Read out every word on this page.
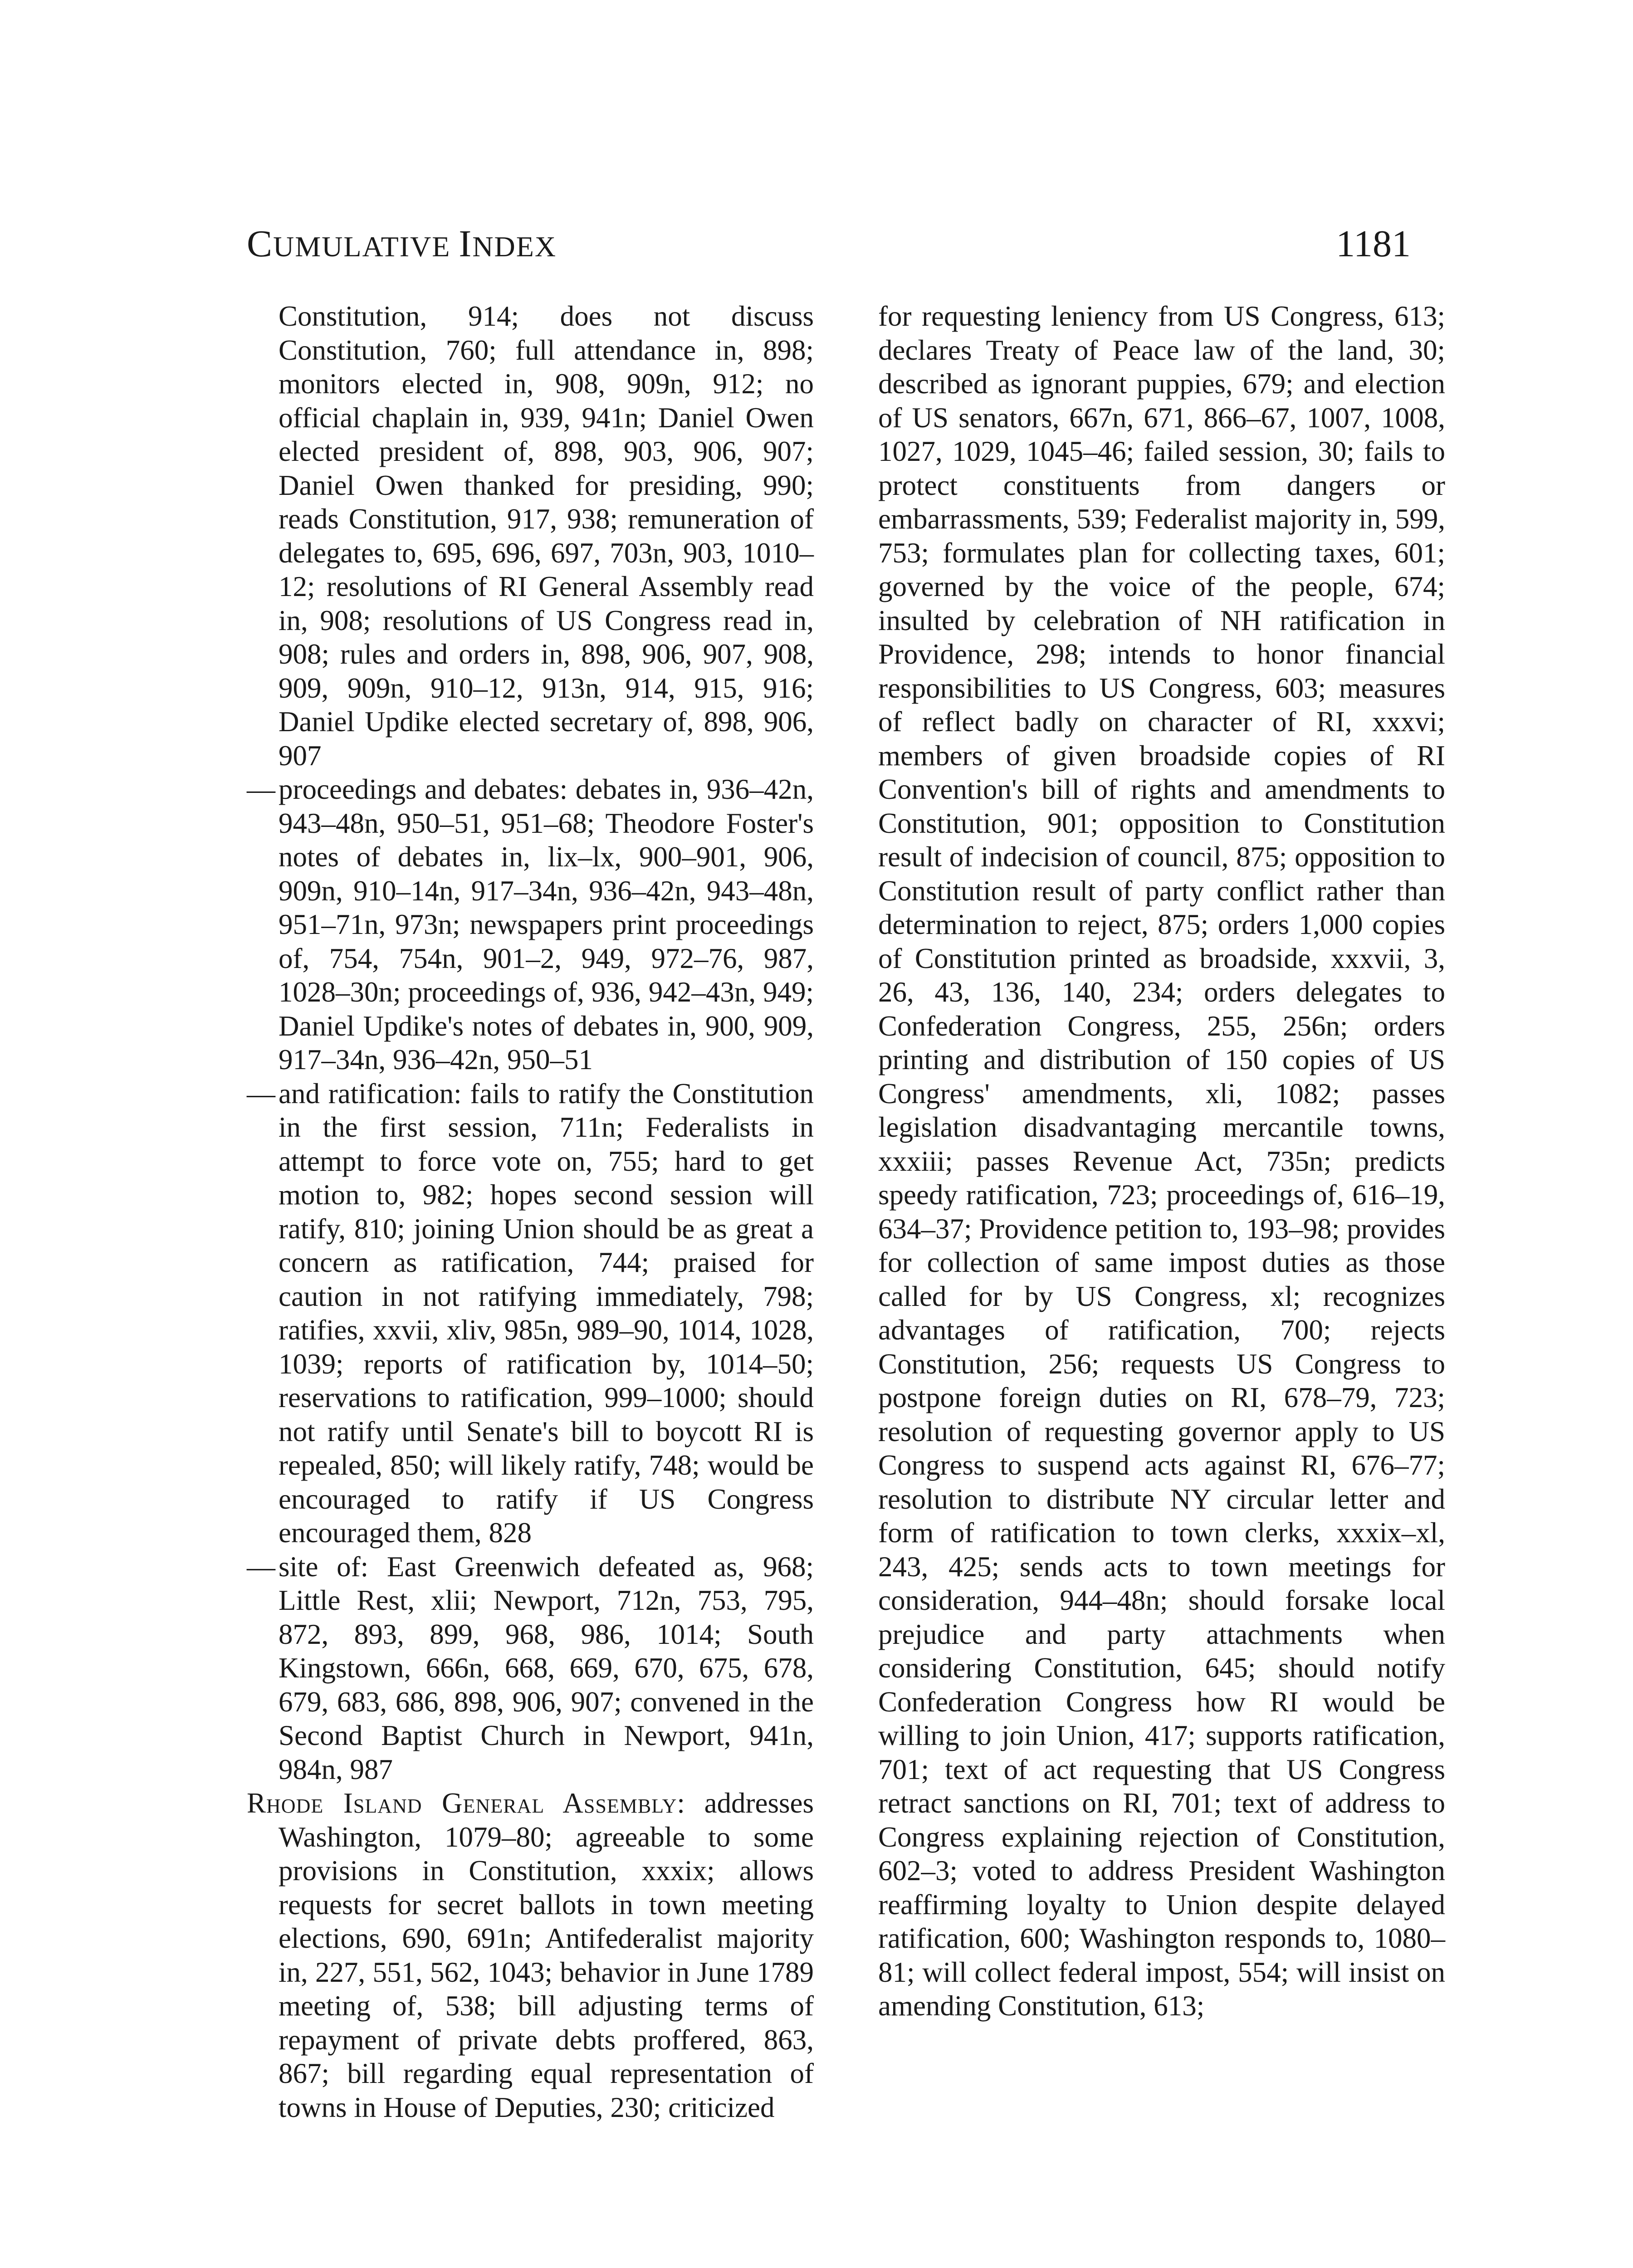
CUMULATIVE INDEX	1181

Constitution, 914; does not discuss Constitution, 760; full attendance in, 898; monitors elected in, 908, 909n, 912; no official chaplain in, 939, 941n; Daniel Owen elected president of, 898, 903, 906, 907; Daniel Owen thanked for presiding, 990; reads Constitution, 917, 938; remuneration of delegates to, 695, 696, 697, 703n, 903, 1010–12; resolutions of RI General Assembly read in, 908; resolutions of US Congress read in, 908; rules and orders in, 898, 906, 907, 908, 909, 909n, 910–12, 913n, 914, 915, 916; Daniel Updike elected secretary of, 898, 906, 907

— proceedings and debates: debates in, 936–42n, 943–48n, 950–51, 951–68; Theodore Foster's notes of debates in, lix–lx, 900–901, 906, 909n, 910–14n, 917–34n, 936–42n, 943–48n, 951–71n, 973n; newspapers print proceedings of, 754, 754n, 901–2, 949, 972–76, 987, 1028–30n; proceedings of, 936, 942–43n, 949; Daniel Updike's notes of debates in, 900, 909, 917–34n, 936–42n, 950–51

— and ratification: fails to ratify the Constitution in the first session, 711n; Federalists in attempt to force vote on, 755; hard to get motion to, 982; hopes second session will ratify, 810; joining Union should be as great a concern as ratification, 744; praised for caution in not ratifying immediately, 798; ratifies, xxvii, xliv, 985n, 989–90, 1014, 1028, 1039; reports of ratification by, 1014–50; reservations to ratification, 999–1000; should not ratify until Senate's bill to boycott RI is repealed, 850; will likely ratify, 748; would be encouraged to ratify if US Congress encouraged them, 828

— site of: East Greenwich defeated as, 968; Little Rest, xlii; Newport, 712n, 753, 795, 872, 893, 899, 968, 986, 1014; South Kingstown, 666n, 668, 669, 670, 675, 678, 679, 683, 686, 898, 906, 907; convened in the Second Baptist Church in Newport, 941n, 984n, 987

Rhode Island General Assembly: addresses Washington, 1079–80; agreeable to some provisions in Constitution, xxxix; allows requests for secret ballots in town meeting elections, 690, 691n; Antifederalist majority in, 227, 551, 562, 1043; behavior in June 1789 meeting of, 538; bill adjusting terms of repayment of private debts proffered, 863, 867; bill regarding equal representation of towns in House of Deputies, 230; criticized

for requesting leniency from US Congress, 613; declares Treaty of Peace law of the land, 30; described as ignorant puppies, 679; and election of US senators, 667n, 671, 866–67, 1007, 1008, 1027, 1029, 1045–46; failed session, 30; fails to protect constituents from dangers or embarrassments, 539; Federalist majority in, 599, 753; formulates plan for collecting taxes, 601; governed by the voice of the people, 674; insulted by celebration of NH ratification in Providence, 298; intends to honor financial responsibilities to US Congress, 603; measures of reflect badly on character of RI, xxxvi; members of given broadside copies of RI Convention's bill of rights and amendments to Constitution, 901; opposition to Constitution result of indecision of council, 875; opposition to Constitution result of party conflict rather than determination to reject, 875; orders 1,000 copies of Constitution printed as broadside, xxxvii, 3, 26, 43, 136, 140, 234; orders delegates to Confederation Congress, 255, 256n; orders printing and distribution of 150 copies of US Congress' amendments, xli, 1082; passes legislation disadvantaging mercantile towns, xxxiii; passes Revenue Act, 735n; predicts speedy ratification, 723; proceedings of, 616–19, 634–37; Providence petition to, 193–98; provides for collection of same impost duties as those called for by US Congress, xl; recognizes advantages of ratification, 700; rejects Constitution, 256; requests US Congress to postpone foreign duties on RI, 678–79, 723; resolution of requesting governor apply to US Congress to suspend acts against RI, 676–77; resolution to distribute NY circular letter and form of ratification to town clerks, xxxix–xl, 243, 425; sends acts to town meetings for consideration, 944–48n; should forsake local prejudice and party attachments when considering Constitution, 645; should notify Confederation Congress how RI would be willing to join Union, 417; supports ratification, 701; text of act requesting that US Congress retract sanctions on RI, 701; text of address to Congress explaining rejection of Constitution, 602–3; voted to address President Washington reaffirming loyalty to Union despite delayed ratification, 600; Washington responds to, 1080–81; will collect federal impost, 554; will insist on amending Constitution, 613;
